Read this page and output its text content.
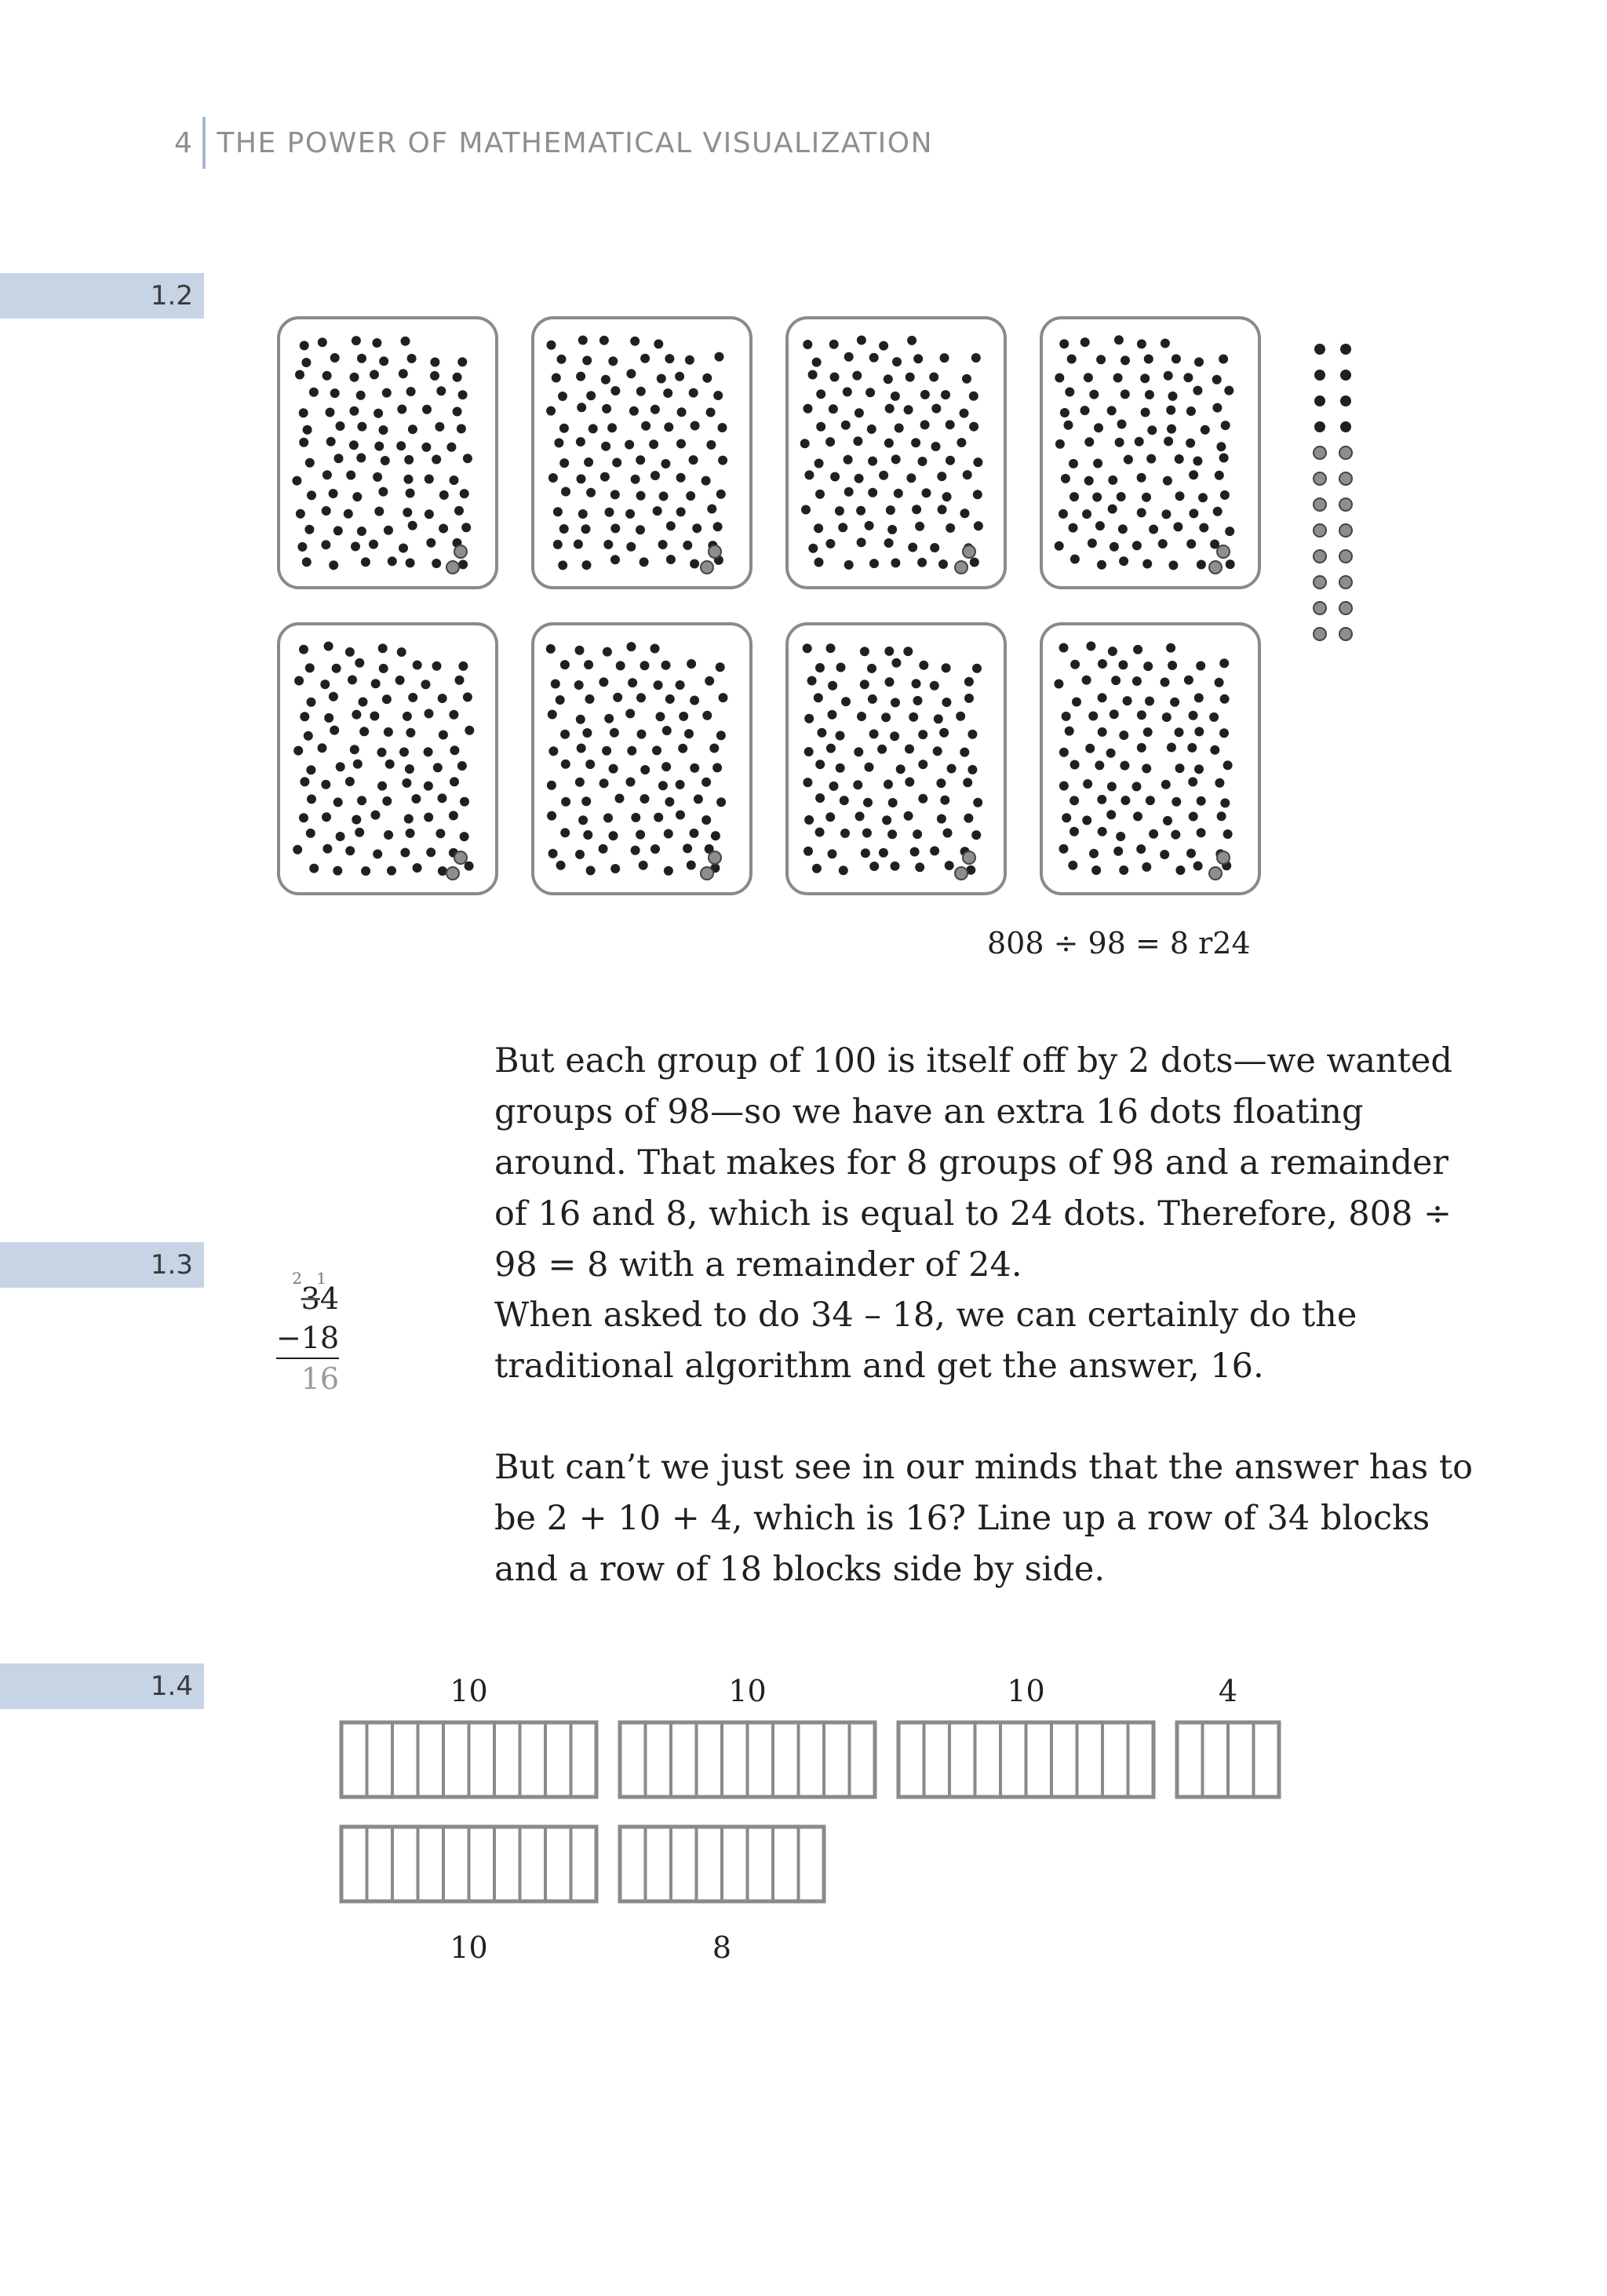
4 THE POWER OF MATHEMATICAL VISUALIZATION
1.2
808 ÷ 98 = 8 r24

But each group of 100 is itself off by 2 dots—we wanted groups of 98—so we have an extra 16 dots floating around. That makes for 8 groups of 98 and a remainder of 16 and 8, which is equal to 24 dots. Therefore, 808 ÷ 98 = 8 with a remainder of 24.

1.3	2 1
34
−18
16

When asked to do 34 – 18, we can certainly do the traditional algorithm and get the answer, 16.

But can’t we just see in our minds that the answer has to be 2 + 10 + 4, which is 16? Line up a row of 34 blocks and a row of 18 blocks side by side.

1.4	10	10	10	4
10	8
